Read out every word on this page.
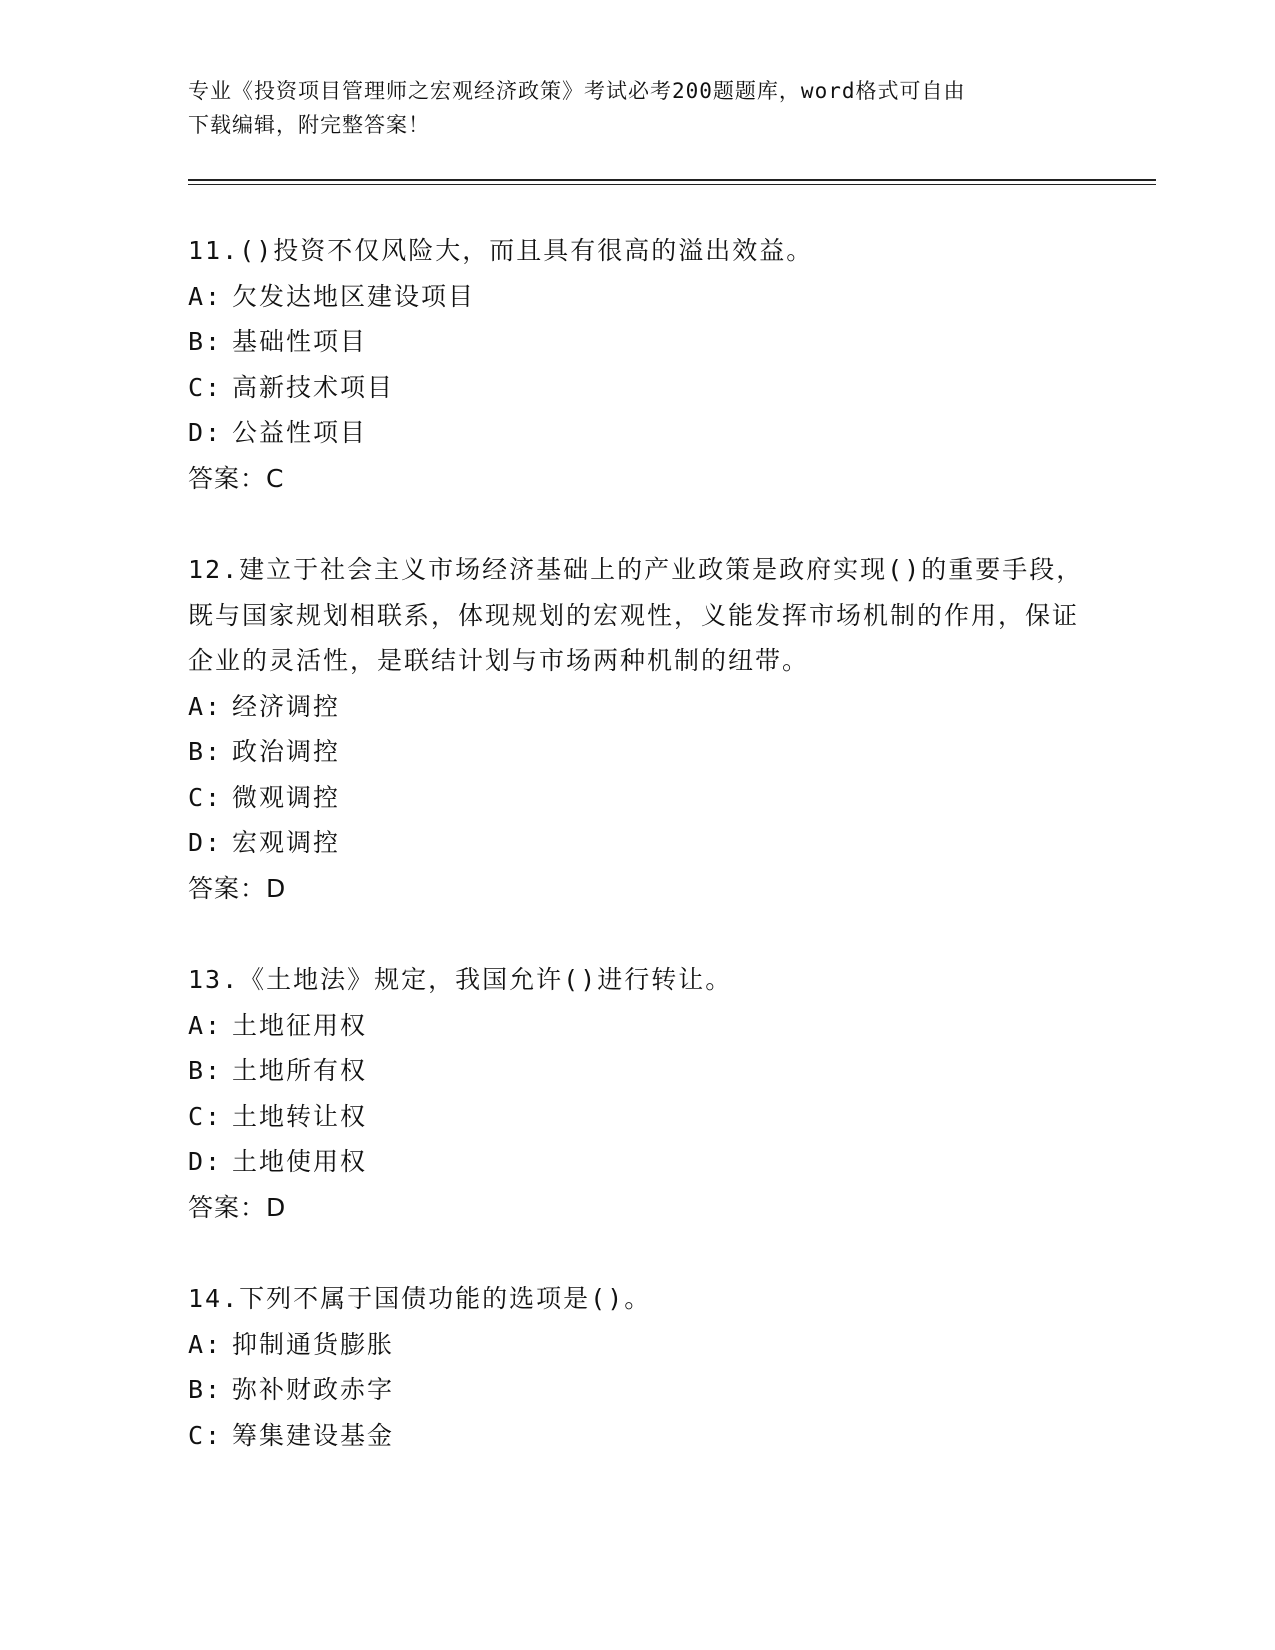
专业《投资项目管理师之宏观经济政策》考试必考200题题库，word格式可自由
下载编辑，附完整答案！

11.()投资不仅风险大，而且具有很高的溢出效益。

A: 欠发达地区建设项目

B: 基础性项目

C: 高新技术项目

D: 公益性项目

答案：C

12.建立于社会主义市场经济基础上的产业政策是政府实现()的重要手段，既与国家规划相联系，体现规划的宏观性，义能发挥市场机制的作用，保证企业的灵活性，是联结计划与市场两种机制的纽带。

A: 经济调控

B: 政治调控

C: 微观调控

D: 宏观调控

答案：D

13.《土地法》规定，我国允许()进行转让。

A: 土地征用权

B: 土地所有权

C: 土地转让权

D: 土地使用权

答案：D

14.下列不属于国债功能的选项是()。

A: 抑制通货膨胀

B: 弥补财政赤字

C: 筹集建设基金
